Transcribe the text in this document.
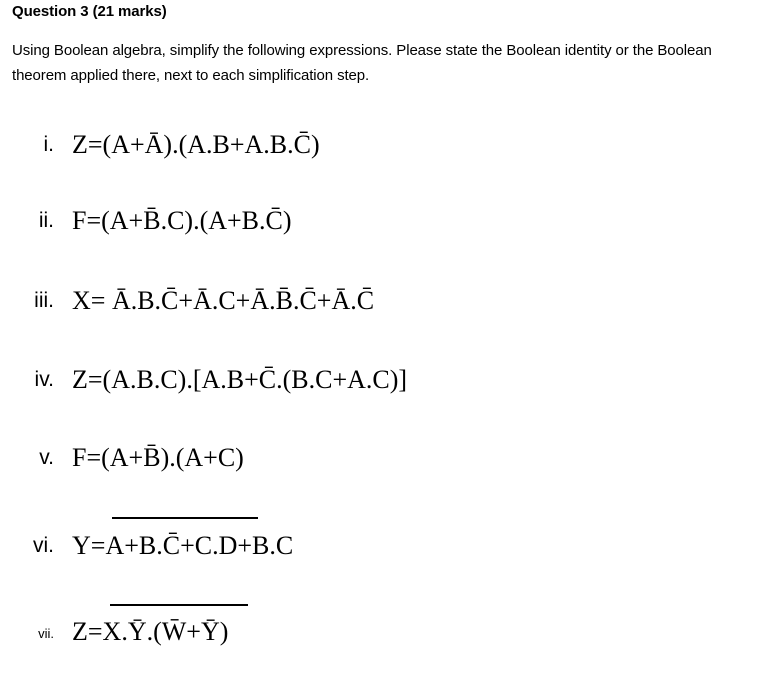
Question 3 (21 marks)
Using Boolean algebra, simplify the following expressions. Please state the Boolean identity or the Boolean theorem applied there, next to each simplification step.
i. Z=(A+Ā).(A.B+A.B.C̄)
ii. F=(A+B̄.C).(A+B.C̄)
iii. X= Ā.B.C̄+Ā.C+Ā.B̄.C̄+Ā.C̄
iv. Z=(A.B.C).[A.B+C̄.(B.C+A.C)]
v. F=(A+B̄).(A+C)
vi. Y=A+B.C̄+C.D+B.C
vii. Z=X.Ȳ.(W̄+Ȳ)
